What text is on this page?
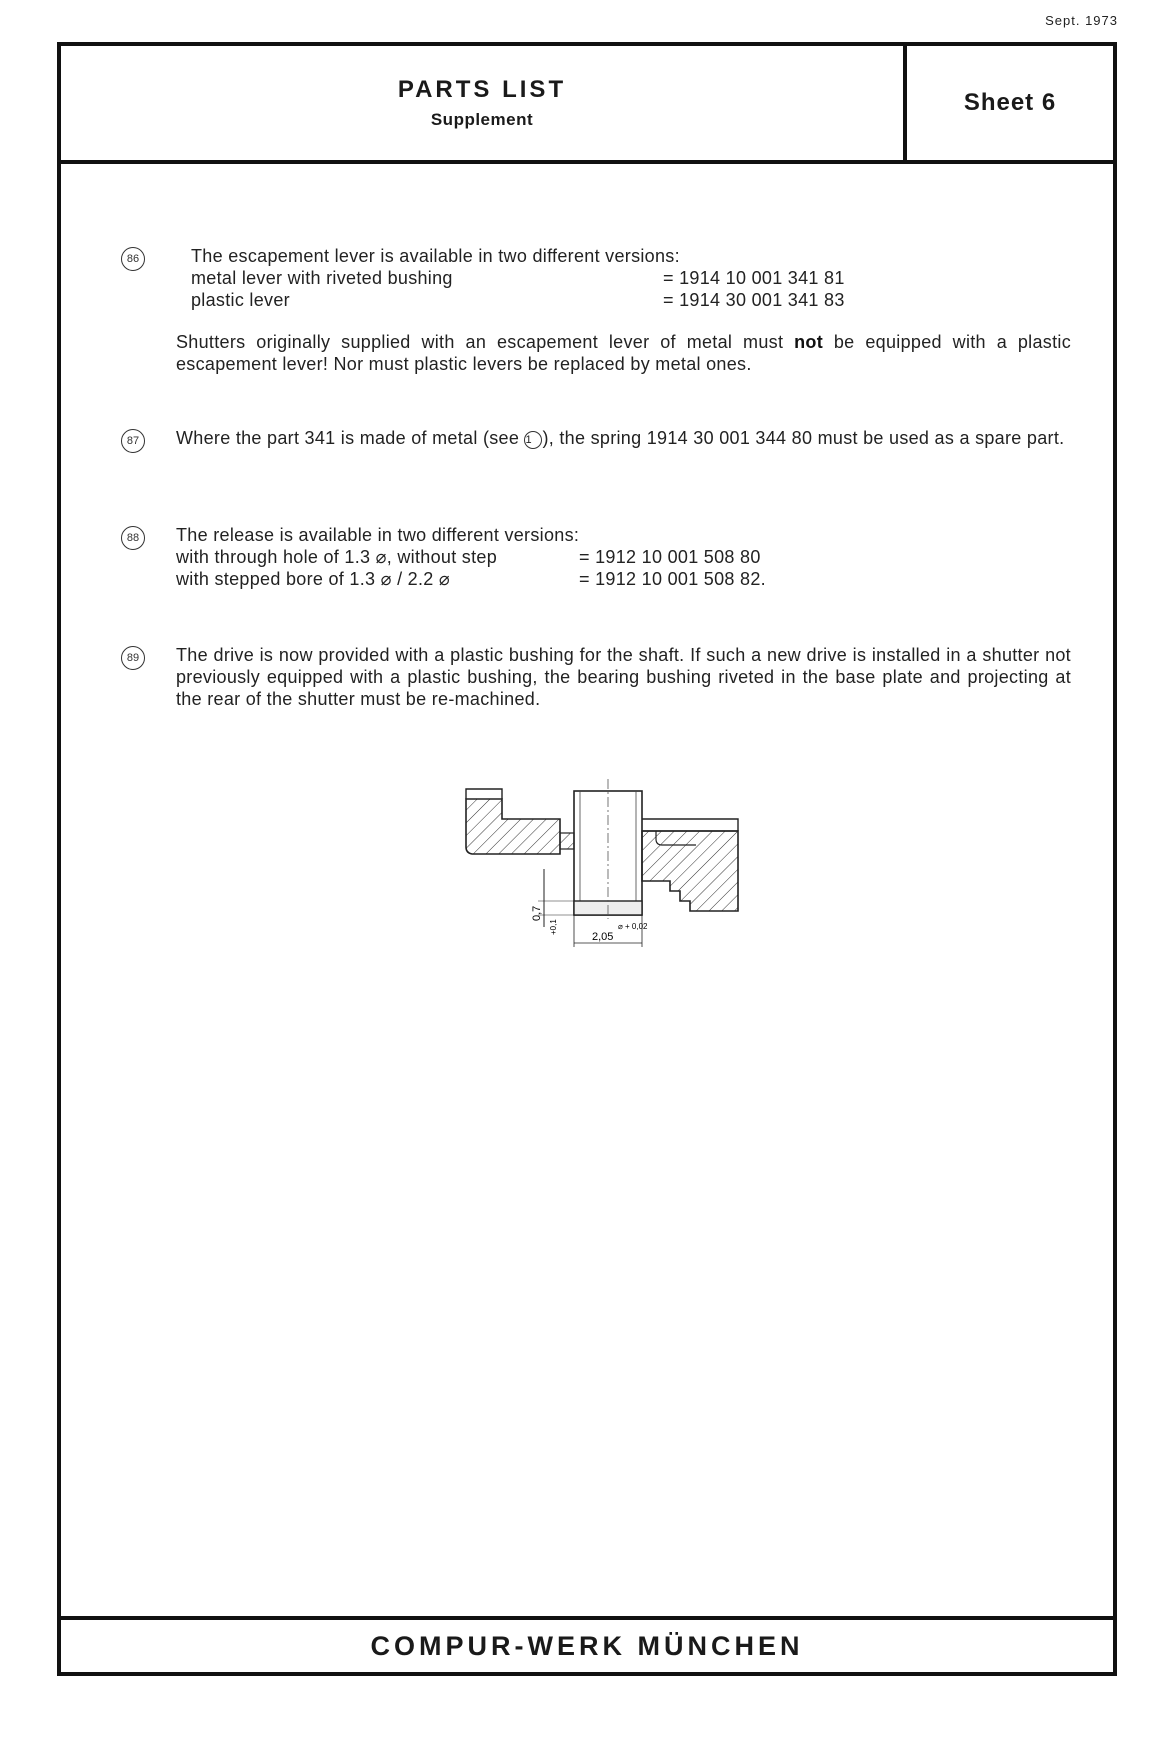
Sept. 1973
PARTS LIST
Supplement
Sheet 6
86	The escapement lever is available in two different versions:
metal lever with riveted bushing	= 1914 10 001 341 81
plastic lever	= 1914 30 001 341 83
Shutters originally supplied with an escapement lever of metal must not be equipped with a plastic escapement lever! Nor must plastic levers be replaced by metal ones.
87	Where the part 341 is made of metal (see 1 ), the spring 1914 30 001 344 80 must be used as a spare part.
88	The release is available in two different versions:
with through hole of 1.3 ⌀, without step	= 1912 10 001 508 80
with stepped bore of 1.3 ⌀ / 2.2 ⌀	= 1912 10 001 508 82.
89	The drive is now provided with a plastic bushing for the shaft. If such a new drive is installed in a shutter not previously equipped with a plastic bushing, the bearing bushing riveted in the base plate and projecting at the rear of the shutter must be re-machined.
0,7
+0,1
2,05
⌀ + 0,02
COMPUR-WERK MÜNCHEN
